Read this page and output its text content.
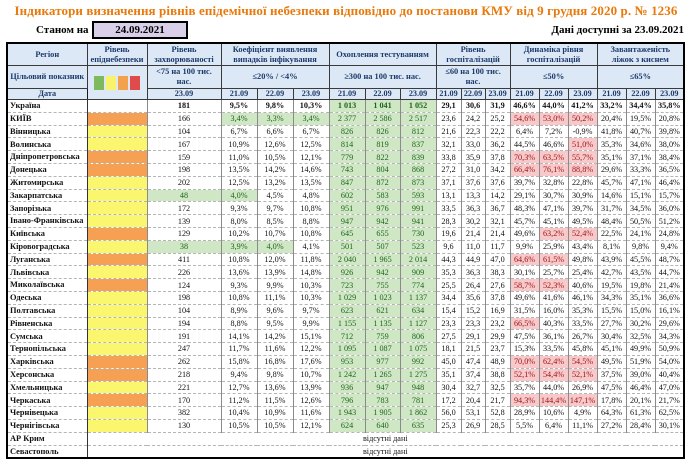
Індикатори визначення рівнів епідемічної небезпеки відповідно до постанови КМУ від 9 грудня 2020 р. № 1236
Станом на	24.09.2021	Дані доступні за 23.09.2021
Регіон	Рівень епіднебезпеки	Рівень захворюваності	Коефіцієнт виявлення випадків інфікування			Охоплення тестуванням			Рівень госпіталізацій			Динаміка рівня госпіталізацій			Завантаженість ліжок з киснем		
Цільовий показник		<75 на 100 тис. нас.	≤20% / <4%			≥300 на 100 тис. нас.			≤60 на 100 тис. нас.			≤50%			≤65%		
Дата		23.09	21.09	22.09	23.09	21.09	22.09	23.09	21.09	22.09	23.09	21.09	22.09	23.09	21.09	22.09	23.09
Україна		181	9,5%	9,8%	10,3%	1 013	1 041	1 052	29,1	30,6	31,9	46,6%	44,0%	41,2%	33,2%	34,4%	35,8%
КИЇВ		166	3,4%	3,3%	3,4%	2 377	2 586	2 517	23,6	24,2	25,2	54,6%	53,0%	50,2%	20,4%	19,5%	20,8%
Вінницька		104	6,7%	6,6%	6,7%	826	826	812	21,6	22,3	22,2	6,4%	7,2%	-0,9%	41,8%	40,7%	39,8%
Волинська		167	10,9%	12,6%	12,5%	814	819	837	32,1	33,0	36,2	44,5%	46,6%	51,0%	35,3%	34,6%	38,0%
Дніпропетровська		159	11,0%	10,5%	12,1%	779	822	839	33,8	35,9	37,8	70,3%	63,5%	55,7%	35,1%	37,1%	38,4%
Донецька		198	13,5%	14,2%	14,6%	743	804	868	27,2	31,0	34,2	66,4%	76,1%	88,8%	29,6%	33,3%	36,5%
Житомирська		202	12,5%	13,2%	13,5%	847	872	873	37,1	37,6	37,6	39,7%	32,8%	22,8%	45,7%	47,1%	46,4%
Закарпатська		48	4,0%	4,5%	4,8%	602	583	593	13,1	13,3	14,2	29,1%	30,7%	30,9%	14,6%	15,1%	15,7%
Запорізька		172	9,3%	9,7%	10,8%	951	976	991	33,5	36,3	36,7	48,3%	47,1%	39,7%	31,7%	34,5%	36,0%
Івано-Франківська		139	8,0%	8,5%	8,8%	947	942	941	28,3	30,2	32,1	45,7%	45,1%	49,5%	48,4%	50,5%	51,2%
Київська		129	10,2%	10,7%	10,8%	645	655	730	19,6	21,4	21,4	49,6%	63,2%	52,4%	22,5%	24,1%	24,8%
Кіровоградська		38	3,9%	4,0%	4,1%	501	507	523	9,6	11,0	11,7	9,9%	25,9%	43,4%	8,1%	9,8%	9,4%
Луганська		411	10,8%	12,0%	11,8%	2 040	1 965	2 014	44,3	44,9	47,0	64,6%	61,5%	49,8%	43,9%	45,5%	48,7%
Львівська		226	13,6%	13,9%	14,8%	926	942	909	35,3	36,3	38,3	30,1%	25,7%	25,4%	42,7%	43,5%	44,7%
Миколаївська		124	9,3%	9,9%	10,3%	723	755	774	25,5	26,4	27,6	58,7%	52,3%	40,6%	19,5%	19,8%	21,4%
Одеська		198	10,8%	11,1%	10,3%	1 029	1 023	1 137	34,4	35,6	37,8	49,6%	41,6%	46,1%	34,3%	35,1%	36,6%
Полтавська		104	8,9%	9,6%	9,7%	623	621	634	15,4	15,2	16,9	31,5%	16,0%	35,3%	15,5%	15,0%	16,1%
Рівненська		194	8,8%	9,5%	9,9%	1 155	1 135	1 127	23,3	23,3	23,2	66,5%	40,3%	33,5%	27,7%	30,2%	29,6%
Сумська		191	14,1%	14,2%	15,1%	712	759	806	27,5	29,1	29,9	47,5%	36,1%	26,7%	30,4%	32,5%	34,3%
Тернопільська		247	11,7%	11,6%	12,2%	1 095	1 087	1 075	18,1	21,5	23,7	15,3%	33,5%	45,8%	45,1%	49,9%	50,9%
Харківська		262	15,8%	16,8%	17,6%	953	977	992	45,0	47,4	48,9	70,0%	62,4%	54,5%	49,5%	51,9%	54,0%
Херсонська		218	9,4%	9,8%	10,7%	1 242	1 265	1 275	35,1	37,4	38,8	52,1%	54,4%	52,1%	37,5%	39,0%	40,4%
Хмельницька		221	12,7%	13,6%	13,9%	936	947	948	30,4	32,7	32,5	35,7%	44,0%	26,9%	47,5%	46,4%	47,0%
Черкаська		170	11,2%	11,5%	12,6%	796	783	781	17,2	20,4	21,7	94,3%	144,4%	147,1%	17,8%	20,1%	21,7%
Чернівецька		382	10,4%	10,9%	11,6%	1 943	1 905	1 862	56,0	53,1	52,8	28,9%	10,6%	4,9%	64,3%	61,3%	62,5%
Чернігівська		130	10,5%	10,5%	12,1%	624	640	635	25,3	26,9	28,5	5,5%	6,4%	11,1%	27,2%	28,4%	30,1%
АР Крим	відсутні дані																
Севастополь	відсутні дані																
